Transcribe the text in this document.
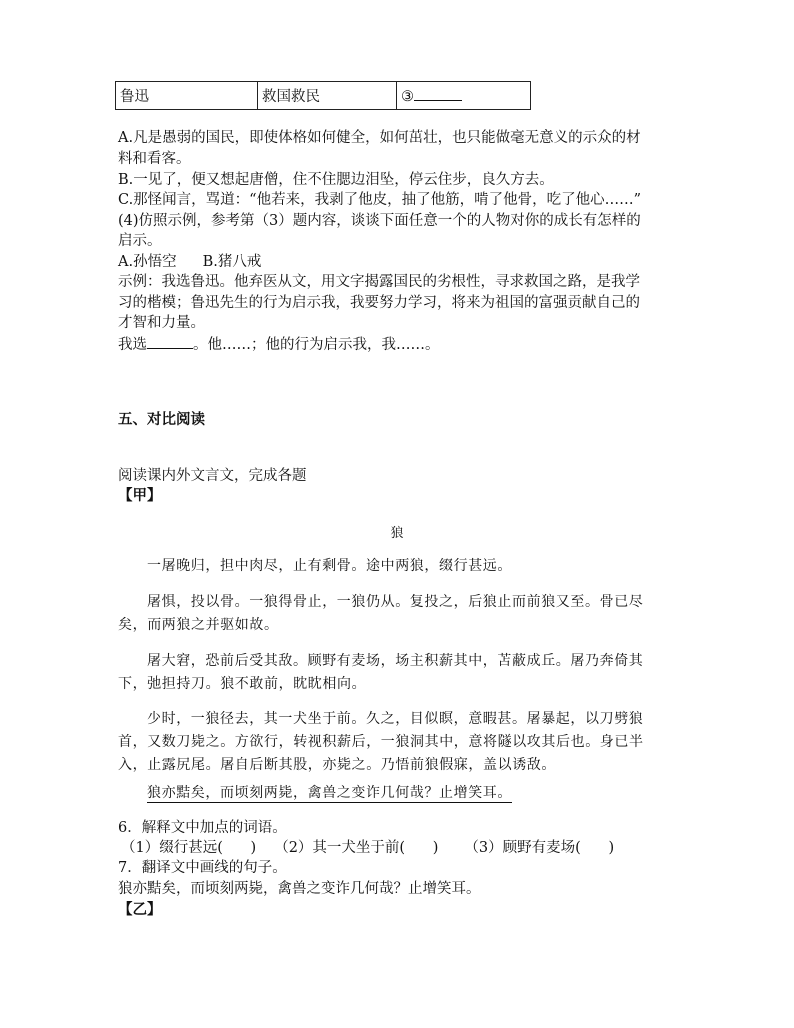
鲁迅	救国救民	③
A.凡是愚弱的国民，即使体格如何健全，如何茁壮，也只能做毫无意义的示众的材
料和看客。
B.一见了，便又想起唐僧，住不住腮边泪坠，停云住步，良久方去。
C.那怪闻言，骂道：“他若来，我剥了他皮，抽了他筋，啃了他骨，吃了他心……”
(4)仿照示例，参考第（3）题内容，谈谈下面任意一个的人物对你的成长有怎样的
启示。
A.孙悟空 B.猪八戒
示例：我选鲁迅。他弃医从文，用文字揭露国民的劣根性，寻求救国之路，是我学
习的楷模；鲁迅先生的行为启示我，我要努力学习，将来为祖国的富强贡献自己的
才智和力量。
我选	。他……；他的行为启示我，我……。
五、对比阅读
阅读课内外文言文，完成各题
【甲】
狼
一屠晚归，担中肉尽，止有剩骨。途中两狼，缀行甚远。
屠惧，投以骨。一狼得骨止，一狼仍从。复投之，后狼止而前狼又至。骨已尽
矣，而两狼之并驱如故。
屠大窘，恐前后受其敌。顾野有麦场，场主积薪其中，苫蔽成丘。屠乃奔倚其
下，弛担持刀。狼不敢前，眈眈相向。
少时，一狼径去，其一犬坐于前。久之，目似瞑，意暇甚。屠暴起，以刀劈狼
首，又数刀毙之。方欲行，转视积薪后，一狼洞其中，意将隧以攻其后也。身已半
入，止露尻尾。屠自后断其股，亦毙之。乃悟前狼假寐，盖以诱敌。
狼亦黠矣，而顷刻两毙，禽兽之变诈几何哉？止增笑耳。
6．解释文中加点的词语。
（1）缀行甚远(      ) （2）其一犬坐于前(      ) （3）顾野有麦场(      )
7．翻译文中画线的句子。
狼亦黠矣，而顷刻两毙，禽兽之变诈几何哉？止增笑耳。
【乙】
